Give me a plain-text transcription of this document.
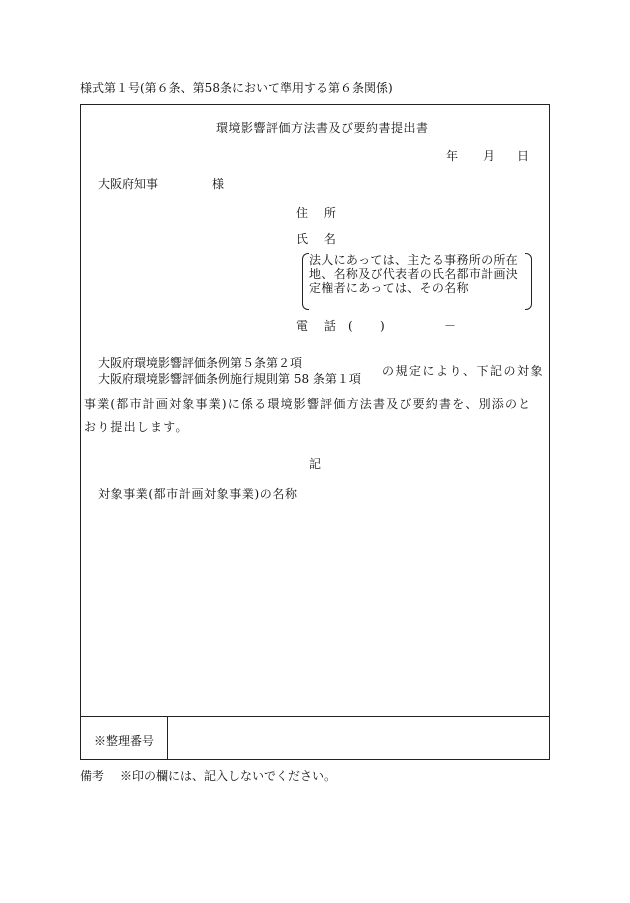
様式第１号(第６条、第58条において準用する第６条関係)
環境影響評価方法書及び要約書提出書
年 月 日
大阪府知事	様
住 所
氏 名
法人にあっては、主たる事務所の所在地、名称及び代表者の氏名都市計画決定権者にあっては、その名称
電 話 ( )	－
大阪府環境影響評価条例第５条第２項
大阪府環境影響評価条例施行規則第 58 条第１項
の規定により、下記の対象
事業(都市計画対象事業)に係る環境影響評価方法書及び要約書を、別添のと
おり提出します。
記
対象事業(都市計画対象事業)の名称
※整理番号
備考 ※印の欄には、記入しないでください。
